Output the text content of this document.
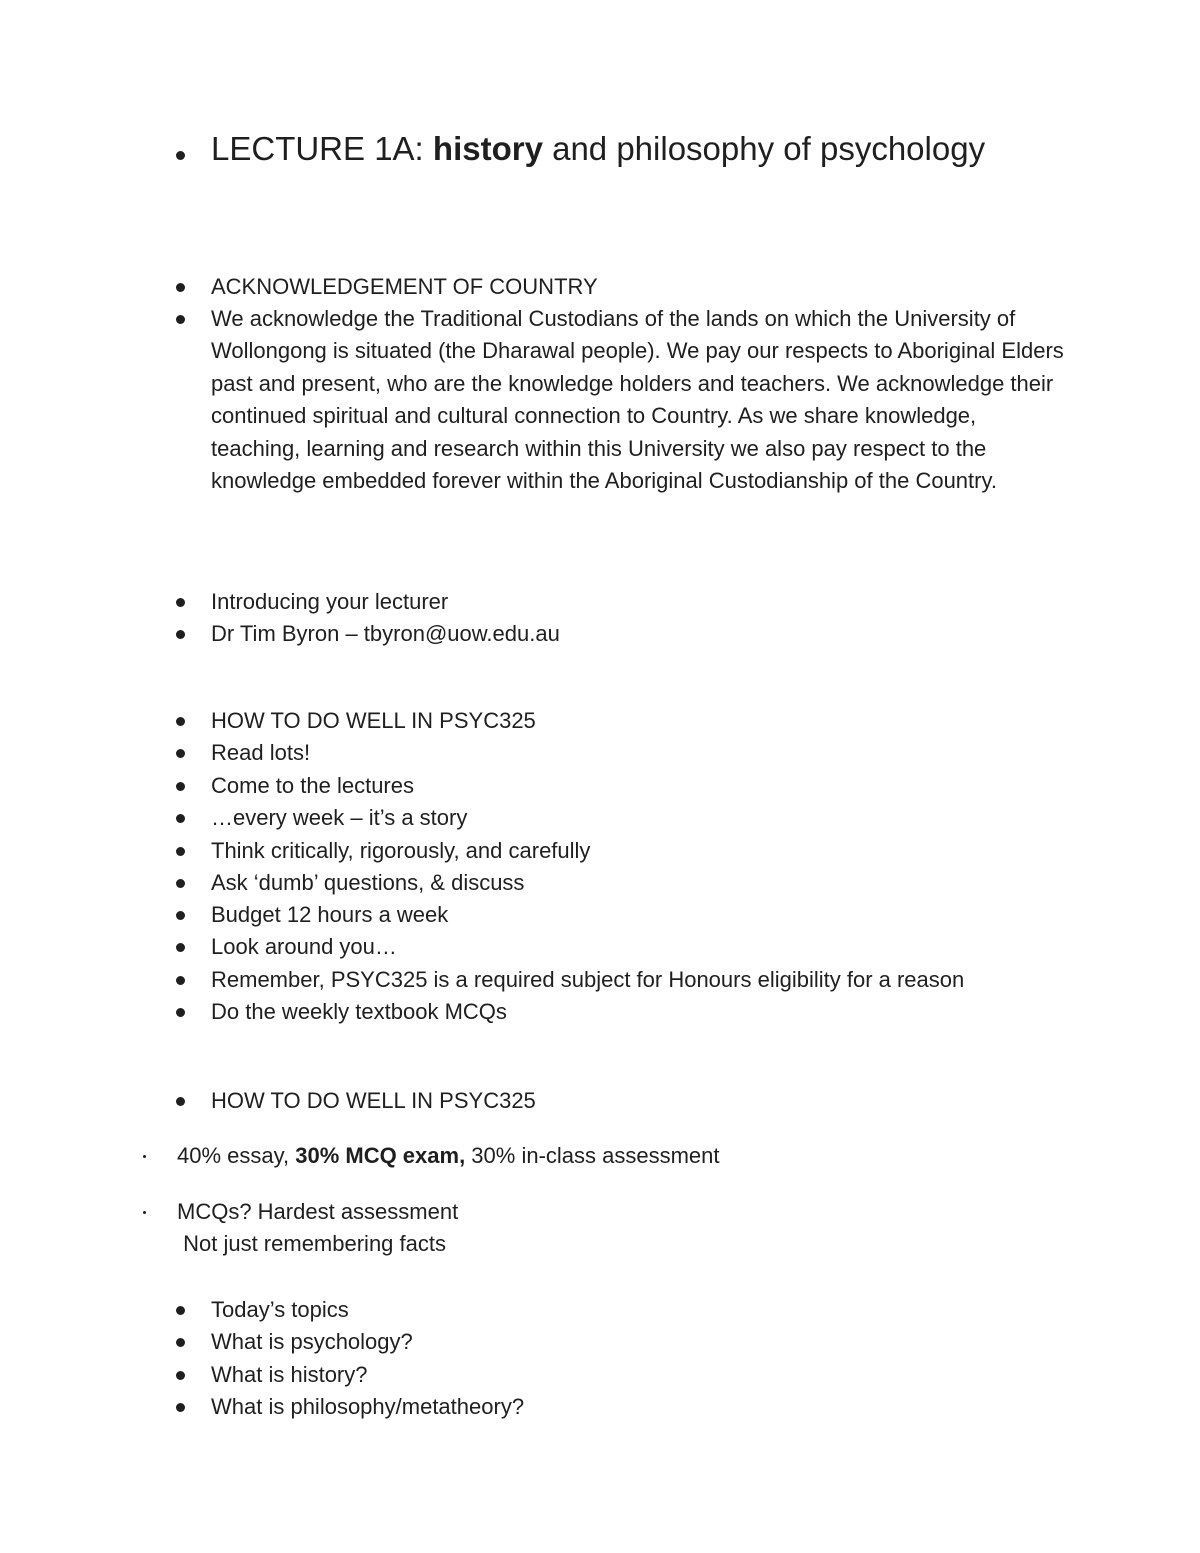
LECTURE 1A: history and philosophy of psychology
ACKNOWLEDGEMENT OF COUNTRY
We acknowledge the Traditional Custodians of the lands on which the University of Wollongong is situated (the Dharawal people). We pay our respects to Aboriginal Elders past and present, who are the knowledge holders and teachers. We acknowledge their continued spiritual and cultural connection to Country. As we share knowledge, teaching, learning and research within this University we also pay respect to the knowledge embedded forever within the Aboriginal Custodianship of the Country.
Introducing your lecturer
Dr Tim Byron – tbyron@uow.edu.au
HOW TO DO WELL IN PSYC325
Read lots!
Come to the lectures
…every week – it’s a story
Think critically, rigorously, and carefully
Ask ‘dumb’ questions, & discuss
Budget 12 hours a week
Look around you…
Remember, PSYC325 is a required subject for Honours eligibility for a reason
Do the weekly textbook MCQs
HOW TO DO WELL IN PSYC325
40% essay, 30% MCQ exam, 30% in-class assessment
MCQs? Hardest assessment
Not just remembering facts
Today’s topics
What is psychology?
What is history?
What is philosophy/metatheory?
